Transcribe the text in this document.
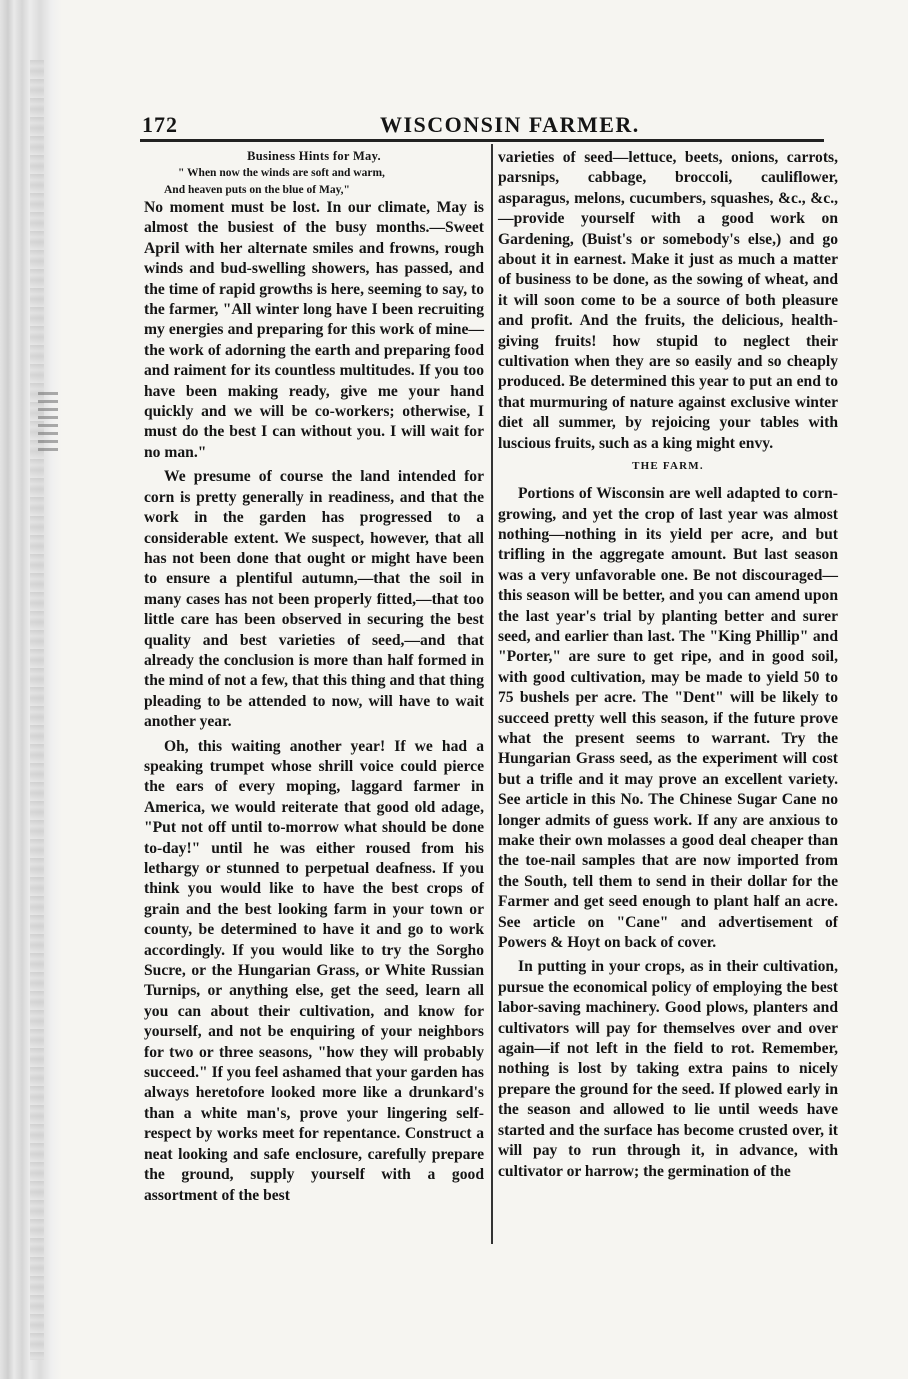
172	WISCONSIN FARMER.
Business Hints for May.
" When now the winds are soft and warm,
And heaven puts on the blue of May,"

No moment must be lost. In our climate, May is almost the busiest of the busy months.—Sweet April with her alternate smiles and frowns, rough winds and bud-swelling showers, has passed, and the time of rapid growths is here, seeming to say, to the farmer, "All winter long have I been recruiting my energies and preparing for this work of mine—the work of adorning the earth and preparing food and raiment for its countless multitudes. If you too have been making ready, give me your hand quickly and we will be co-workers; otherwise, I must do the best I can without you. I will wait for no man."

We presume of course the land intended for corn is pretty generally in readiness, and that the work in the garden has progressed to a considerable extent. We suspect, however, that all has not been done that ought or might have been to ensure a plentiful autumn,—that the soil in many cases has not been properly fitted,—that too little care has been observed in securing the best quality and best varieties of seed,—and that already the conclusion is more than half formed in the mind of not a few, that this thing and that thing pleading to be attended to now, will have to wait another year.

Oh, this waiting another year! If we had a speaking trumpet whose shrill voice could pierce the ears of every moping, laggard farmer in America, we would reiterate that good old adage, "Put not off until to-morrow what should be done to-day!" until he was either roused from his lethargy or stunned to perpetual deafness. If you think you would like to have the best crops of grain and the best looking farm in your town or county, be determined to have it and go to work accordingly. If you would like to try the Sorgho Sucre, or the Hungarian Grass, or White Russian Turnips, or anything else, get the seed, learn all you can about their cultivation, and know for yourself, and not be enquiring of your neighbors for two or three seasons, "how they will probably succeed." If you feel ashamed that your garden has always heretofore looked more like a drunkard's than a white man's, prove your lingering self-respect by works meet for repentance. Construct a neat looking and safe enclosure, carefully prepare the ground, supply yourself with a good assortment of the best

varieties of seed—lettuce, beets, onions, carrots, parsnips, cabbage, broccoli, cauliflower, asparagus, melons, cucumbers, squashes, &c., &c.,—provide yourself with a good work on Gardening, (Buist's or somebody's else,) and go about it in earnest. Make it just as much a matter of business to be done, as the sowing of wheat, and it will soon come to be a source of both pleasure and profit. And the fruits, the delicious, health-giving fruits! how stupid to neglect their cultivation when they are so easily and so cheaply produced. Be determined this year to put an end to that murmuring of nature against exclusive winter diet all summer, by rejoicing your tables with luscious fruits, such as a king might envy.

THE FARM.

Portions of Wisconsin are well adapted to corn-growing, and yet the crop of last year was almost nothing—nothing in its yield per acre, and but trifling in the aggregate amount. But last season was a very unfavorable one. Be not discouraged—this season will be better, and you can amend upon the last year's trial by planting better and surer seed, and earlier than last. The "King Phillip" and "Porter," are sure to get ripe, and in good soil, with good cultivation, may be made to yield 50 to 75 bushels per acre. The "Dent" will be likely to succeed pretty well this season, if the future prove what the present seems to warrant. Try the Hungarian Grass seed, as the experiment will cost but a trifle and it may prove an excellent variety. See article in this No. The Chinese Sugar Cane no longer admits of guess work. If any are anxious to make their own molasses a good deal cheaper than the toe-nail samples that are now imported from the South, tell them to send in their dollar for the Farmer and get seed enough to plant half an acre. See article on "Cane" and advertisement of Powers & Hoyt on back of cover.

In putting in your crops, as in their cultivation, pursue the economical policy of employing the best labor-saving machinery. Good plows, planters and cultivators will pay for themselves over and over again—if not left in the field to rot. Remember, nothing is lost by taking extra pains to nicely prepare the ground for the seed. If plowed early in the season and allowed to lie until weeds have started and the surface has become crusted over, it will pay to run through it, in advance, with cultivator or harrow; the germination of the
